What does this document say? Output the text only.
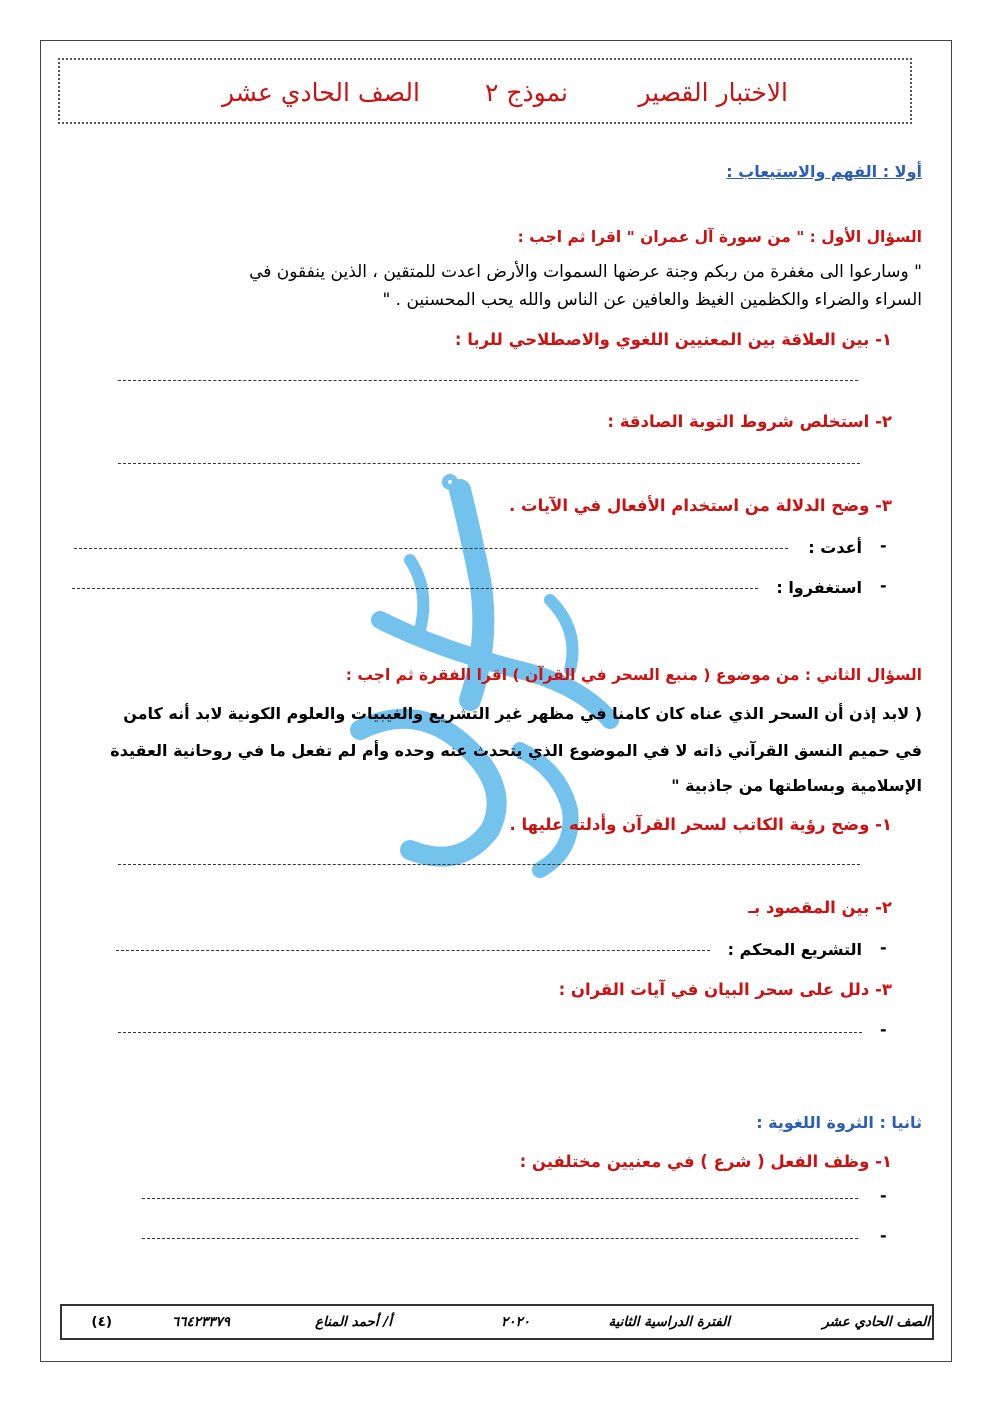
الاختبار القصير
نموذج ٢
الصف الحادي عشر
أولا : الفهم والاستيعاب :
السؤال الأول : " من سورة آل عمران " اقرا ثم اجب :
" وسارعوا الى مغفرة من ربكم وجنة عرضها السموات والأرض اعدت للمتقين ، الذين ينفقون في
السراء والضراء والكظمين الغيظ والعافين عن الناس والله يحب المحسنين . "
١- بين العلاقة بين المعنيين اللغوي والاصطلاحي للربا :
٢- استخلص شروط التوبة الصادقة :
٣- وضح الدلالة من استخدام الأفعال في الآيات .
-
أعدت :
-
استغفروا :
السؤال الثاني : من موضوع ( منبع السحر في القرآن ) اقرا الفقرة ثم اجب :
( لابد إذن أن السحر الذي عناه كان كامنا في مظهر غير التشريع والغيبيات والعلوم الكونية لابد أنه كامن
في حميم النسق القرآني ذاته لا في الموضوع الذي يتحدث عنه وحده وأم لم تفعل ما في روحانية العقيدة
الإسلامية وبساطتها من جاذبية "
١- وضح رؤية الكاتب لسحر القرآن وأدلته عليها .
٢- بين المقصود بـ
-
التشريع المحكم :
٣- دلل على سحر البيان في آيات القران :
-
ثانيا : الثروة اللغوية :
١- وظف الفعل ( شرع ) في معنيين مختلفين :
-
-
الصف الحادي عشر
الفترة الدراسية الثانية
٢٠٢٠
أ/ أحمد المناع
٦٦٤٢٣٣٧٩
(٤)
